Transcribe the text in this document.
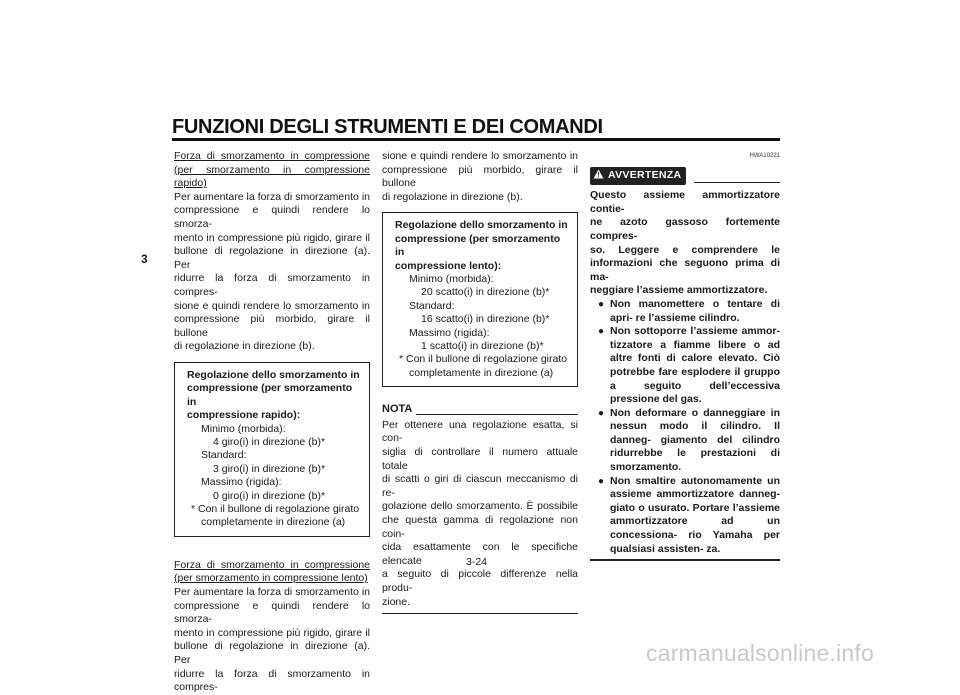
FUNZIONI DEGLI STRUMENTI E DEI COMANDI
3
Forza di smorzamento in compressione
(per smorzamento in compressione rapido)
Per aumentare la forza di smorzamento in
compressione e quindi rendere lo smorza-
mento in compressione più rigido, girare il
bullone di regolazione in direzione (a). Per
ridurre la forza di smorzamento in compres-
sione e quindi rendere lo smorzamento in
compressione più morbido, girare il bullone
di regolazione in direzione (b).
Regolazione dello smorzamento in
compressione (per smorzamento in
compressione rapido):
Minimo (morbida):
4 giro(i) in direzione (b)*
Standard:
3 giro(i) in direzione (b)*
Massimo (rigida):
0 giro(i) in direzione (b)*
* Con il bullone di regolazione girato
completamente in direzione (a)
Forza di smorzamento in compressione
(per smorzamento in compressione lento)
Per aumentare la forza di smorzamento in
compressione e quindi rendere lo smorza-
mento in compressione più rigido, girare il
bullone di regolazione in direzione (a). Per
ridurre la forza di smorzamento in compres-
sione e quindi rendere lo smorzamento in
compressione più morbido, girare il bullone
di regolazione in direzione (b).
Regolazione dello smorzamento in
compressione (per smorzamento in
compressione lento):
Minimo (morbida):
20 scatto(i) in direzione (b)*
Standard:
16 scatto(i) in direzione (b)*
Massimo (rigida):
1 scatto(i) in direzione (b)*
* Con il bullone di regolazione girato
completamente in direzione (a)
NOTA
Per ottenere una regolazione esatta, si con-
siglia di controllare il numero attuale totale
di scatti o giri di ciascun meccanismo di re-
golazione dello smorzamento. È possibile
che questa gamma di regolazione non coin-
cida esattamente con le specifiche elencate
a seguito di piccole differenze nella produ-
zione.
HWA10221
AVVERTENZA
Questo assieme ammortizzatore contie-
ne azoto gassoso fortemente compres-
so. Leggere e comprendere le
informazioni che seguono prima di ma-
neggiare l’assieme ammortizzatore.
● Non manomettere o tentare di apri- re l’assieme cilindro.
● Non sottoporre l’assieme ammor- tizzatore a fiamme libere o ad altre fonti di calore elevato. Ciò potrebbe fare esplodere il gruppo a seguito dell’eccessiva pressione del gas.
● Non deformare o danneggiare in nessun modo il cilindro. Il danneg- giamento del cilindro ridurrebbe le prestazioni di smorzamento.
● Non smaltire autonomamente un assieme ammortizzatore danneg- giato o usurato. Portare l’assieme ammortizzatore ad un concessiona- rio Yamaha per qualsiasi assisten- za.
3-24
carmanualsonline.info
